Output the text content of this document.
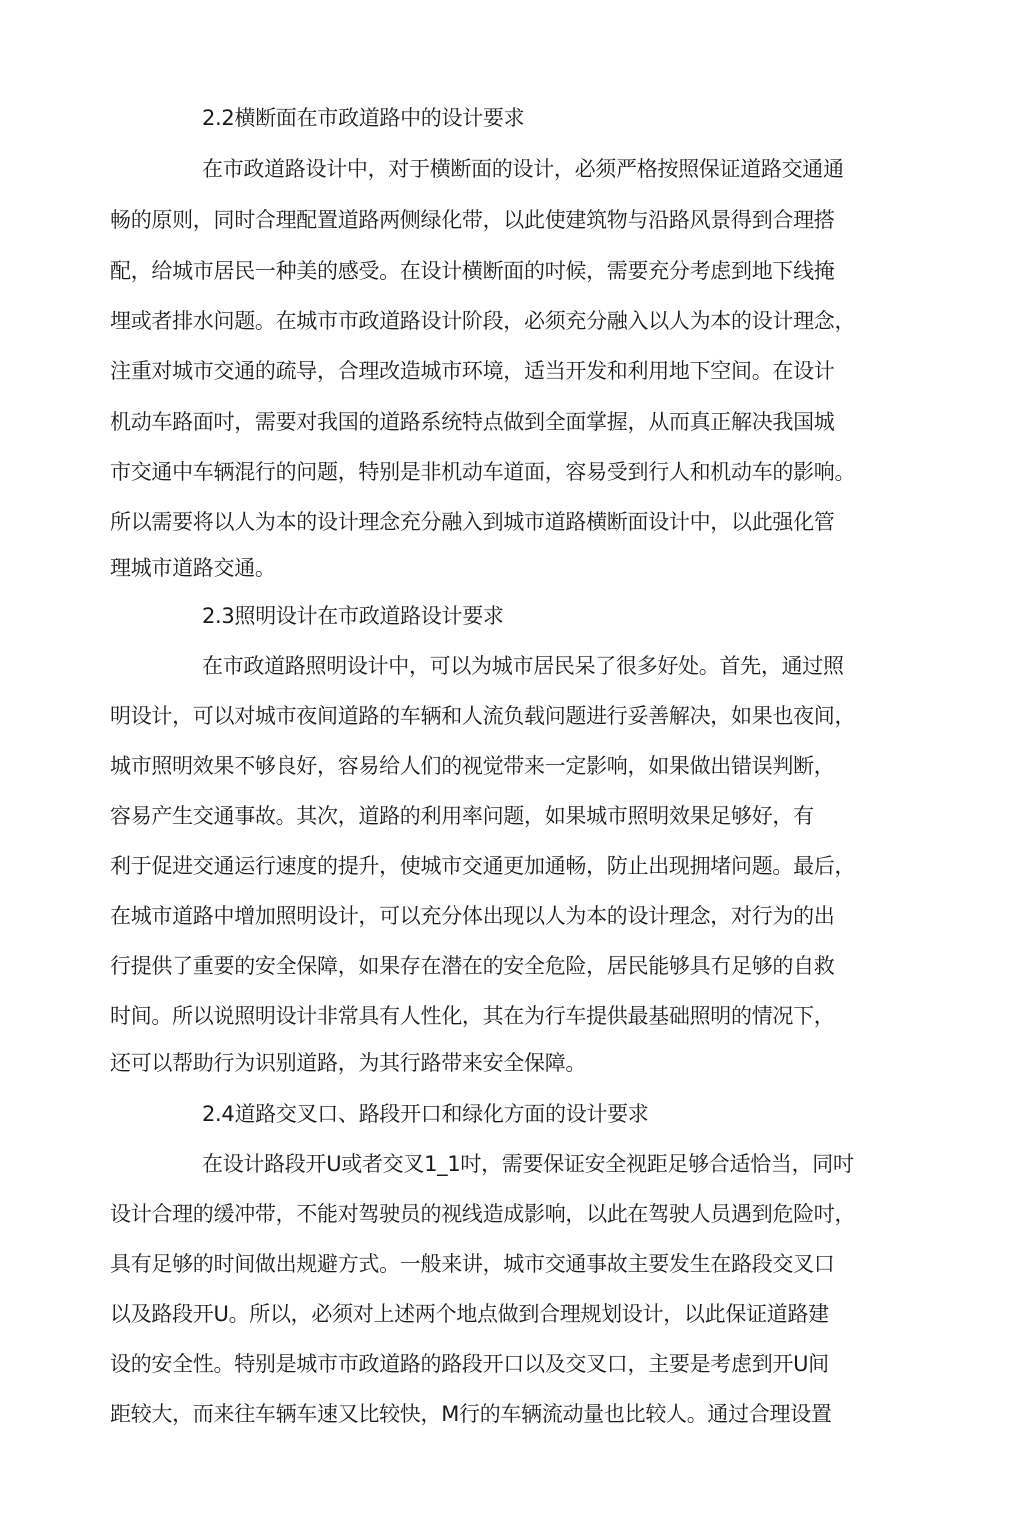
2.2横断面在市政道路中的设计要求
在市政道路设计中，对于横断面的设计，必须严格按照保证道路交通通
畅的原则，同时合理配置道路两侧绿化带，以此使建筑物与沿路风景得到合理搭
配，给城市居民一种美的感受。在设计横断面的吋候，需要充分考虑到地下线掩
埋或者排水问题。在城市市政道路设计阶段，必须充分融入以人为本的设计理念，
注重对城市交通的疏导，合理改造城市环境，适当开发和利用地下空间。在设计
机动车路面吋，需要对我国的道路系统特点做到全面掌握，从而真正解决我国城
市交通中车辆混行的问题，特别是非机动车道面，容易受到行人和机动车的影响。
所以需要将以人为本的设计理念充分融入到城市道路横断面设计中，以此强化管
理城市道路交通。
2.3照明设计在市政道路设计要求
在市政道路照明设计中，可以为城市居民呆了很多好处。首先，通过照
明设计，可以对城市夜间道路的车辆和人流负载问题进行妥善解决，如果也夜间，
城市照明效果不够良好，容易给人们的视觉带来一定影响，如果做出错误判断，
容易产生交通事故。其次，道路的利用率问题，如果城市照明效果足够好，有
利于促进交通运行速度的提升，使城市交通更加通畅，防止出现拥堵问题。最后，
在城市道路中增加照明设计，可以充分体出现以人为本的设计理念，对行为的出
行提供了重要的安全保障，如果存在潜在的安全危险，居民能够具冇足够的自救
时间。所以说照明设计非常具有人性化，其在为行车提供最基础照明的情况下，
还可以帮助行为识别道路，为其行路带来安全保障。
2.4道路交叉口、路段开口和绿化方面的设计要求
在设计路段开U或者交叉1_1吋，需要保证安全视距足够合适恰当，同吋
设计合理的缓冲带，不能对驾驶员的视线造成影响，以此在驾驶人员遇到危险吋，
具有足够的时间做出规避方式。一般来讲，城市交通事故主要发生在路段交叉口
以及路段开U。所以，必须对上述两个地点做到合理规划设计，以此保证道路建
设的安全性。特别是城市市政道路的路段开口以及交叉口，主要是考虑到开U间
距较大，而来往车辆车速又比较快，M行的车辆流动量也比较人。通过合理设置
